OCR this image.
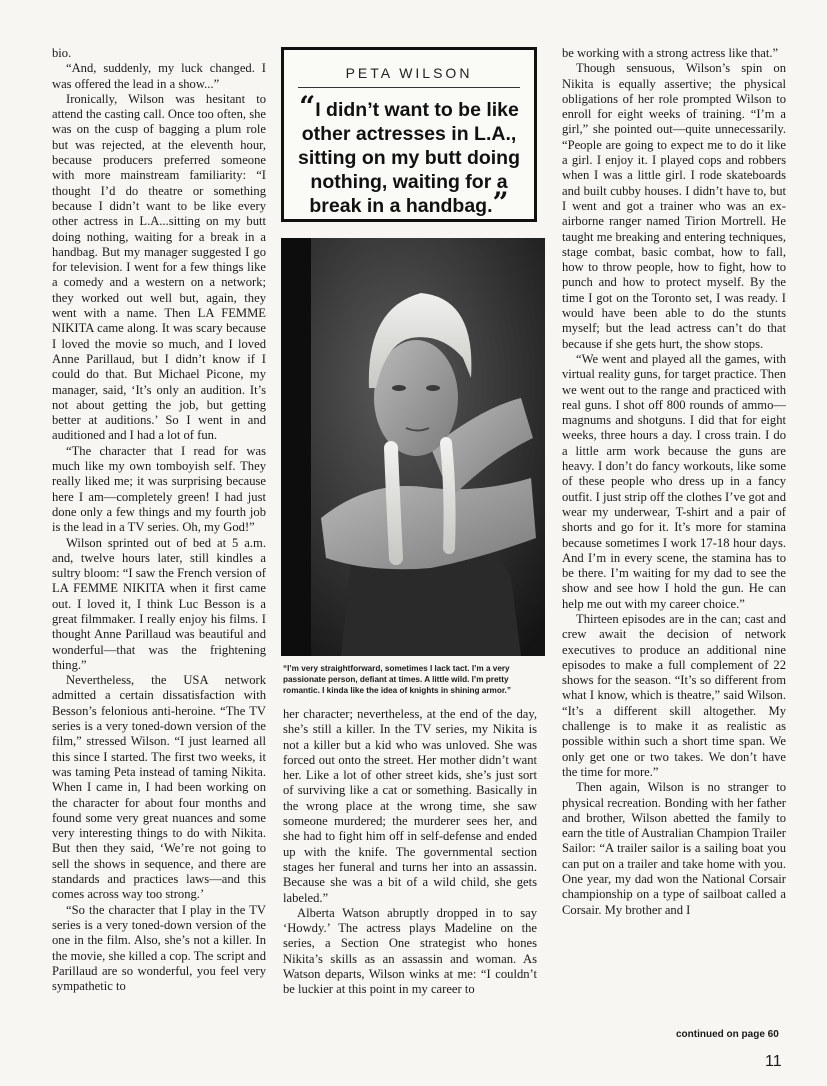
bio.

“And, suddenly, my luck changed. I was offered the lead in a show...”

Ironically, Wilson was hesitant to attend the casting call. Once too often, she was on the cusp of bagging a plum role but was rejected, at the eleventh hour, because producers preferred someone with more mainstream familiarity: “I thought I’d do theatre or something because I didn’t want to be like every other actress in L.A...sitting on my butt doing nothing, waiting for a break in a handbag. But my manager suggested I go for television. I went for a few things like a comedy and a western on a network; they worked out well but, again, they went with a name. Then LA FEMME NIKITA came along. It was scary because I loved the movie so much, and I loved Anne Parillaud, but I didn’t know if I could do that. But Michael Picone, my manager, said, ‘It’s only an audition. It’s not about getting the job, but getting better at auditions.’ So I went in and auditioned and I had a lot of fun.

“The character that I read for was much like my own tomboyish self. They really liked me; it was surprising because here I am—completely green! I had just done only a few things and my fourth job is the lead in a TV series. Oh, my God!”

Wilson sprinted out of bed at 5 a.m. and, twelve hours later, still kindles a sultry bloom: “I saw the French version of LA FEMME NIKITA when it first came out. I loved it, I think Luc Besson is a great filmmaker. I really enjoy his films. I thought Anne Parillaud was beautiful and wonderful—that was the frightening thing.”

Nevertheless, the USA network admitted a certain dissatisfaction with Besson’s felonious anti-heroine. “The TV series is a very toned-down version of the film,” stressed Wilson. “I just learned all this since I started. The first two weeks, it was taming Peta instead of taming Nikita. When I came in, I had been working on the character for about four months and found some very great nuances and some very interesting things to do with Nikita. But then they said, ‘We’re not going to sell the shows in sequence, and there are standards and practices laws—and this comes across way too strong.’

“So the character that I play in the TV series is a very toned-down version of the one in the film. Also, she’s not a killer. In the movie, she killed a cop. The script and Parillaud are so wonderful, you feel very sympathetic to

PETA WILSON
“I didn’t want to be like other actresses in L.A., sitting on my butt doing nothing, waiting for a break in a handbag.”
“I’m very straightforward, sometimes I lack tact. I’m a very passionate person, defiant at times. A little wild. I’m pretty romantic. I kinda like the idea of knights in shining armor.”

her character; nevertheless, at the end of the day, she’s still a killer. In the TV series, my Nikita is not a killer but a kid who was unloved. She was forced out onto the street. Her mother didn’t want her. Like a lot of other street kids, she’s just sort of surviving like a cat or something. Basically in the wrong place at the wrong time, she saw someone murdered; the murderer sees her, and she had to fight him off in self-defense and ended up with the knife. The governmental section stages her funeral and turns her into an assassin. Because she was a bit of a wild child, she gets labeled.”

Alberta Watson abruptly dropped in to say ‘Howdy.’ The actress plays Madeline on the series, a Section One strategist who hones Nikita’s skills as an assassin and woman. As Watson departs, Wilson winks at me: “I couldn’t be luckier at this point in my career to

be working with a strong actress like that.”

Though sensuous, Wilson’s spin on Nikita is equally assertive; the physical obligations of her role prompted Wilson to enroll for eight weeks of training. “I’m a girl,” she pointed out—quite unnecessarily. “People are going to expect me to do it like a girl. I enjoy it. I played cops and robbers when I was a little girl. I rode skateboards and built cubby houses. I didn’t have to, but I went and got a trainer who was an ex-airborne ranger named Tirion Mortrell. He taught me breaking and entering techniques, stage combat, basic combat, how to fall, how to throw people, how to fight, how to punch and how to protect myself. By the time I got on the Toronto set, I was ready. I would have been able to do the stunts myself; but the lead actress can’t do that because if she gets hurt, the show stops.

“We went and played all the games, with virtual reality guns, for target practice. Then we went out to the range and practiced with real guns. I shot off 800 rounds of ammo—magnums and shotguns. I did that for eight weeks, three hours a day. I cross train. I do a little arm work because the guns are heavy. I don’t do fancy workouts, like some of these people who dress up in a fancy outfit. I just strip off the clothes I’ve got and wear my underwear, T-shirt and a pair of shorts and go for it. It’s more for stamina because sometimes I work 17-18 hour days. And I’m in every scene, the stamina has to be there. I’m waiting for my dad to see the show and see how I hold the gun. He can help me out with my career choice.”

Thirteen episodes are in the can; cast and crew await the decision of network executives to produce an additional nine episodes to make a full complement of 22 shows for the season. “It’s so different from what I know, which is theatre,” said Wilson. “It’s a different skill altogether. My challenge is to make it as realistic as possible within such a short time span. We only get one or two takes. We don’t have the time for more.”

Then again, Wilson is no stranger to physical recreation. Bonding with her father and brother, Wilson abetted the family to earn the title of Australian Champion Trailer Sailor: “A trailer sailor is a sailing boat you can put on a trailer and take home with you. One year, my dad won the National Corsair championship on a type of sailboat called a Corsair. My brother and I

continued on page 60
11
